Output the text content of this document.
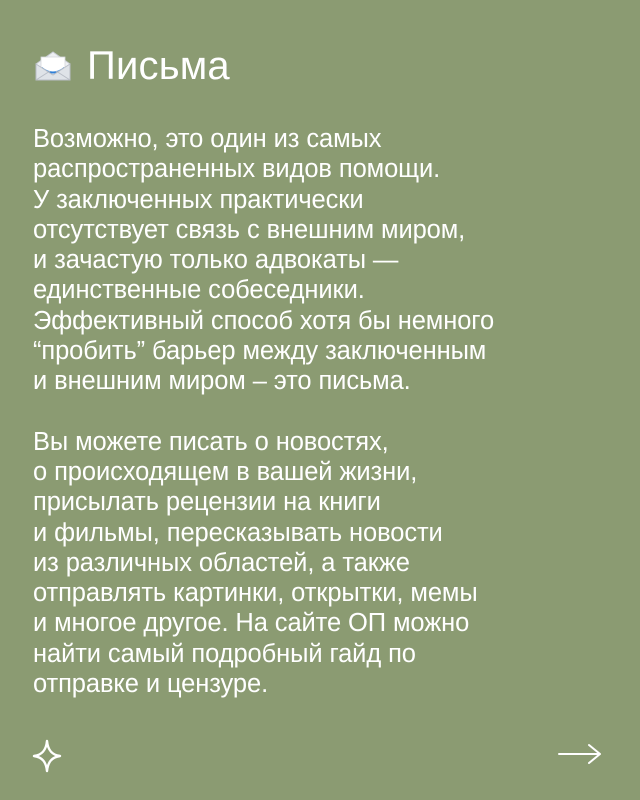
Письма

Возможно, это один из самых
распространенных видов помощи.
У заключенных практически
отсутствует связь с внешним миром,
и зачастую только адвокаты —
единственные собеседники.
Эффективный способ хотя бы немного
“пробить” барьер между заключенным
и внешним миром – это письма.

Вы можете писать о новостях,
о происходящем в вашей жизни,
присылать рецензии на книги
и фильмы, пересказывать новости
из различных областей, а также
отправлять картинки, открытки, мемы
и многое другое. На сайте ОП можно
найти самый подробный гайд по
отправке и цензуре.
